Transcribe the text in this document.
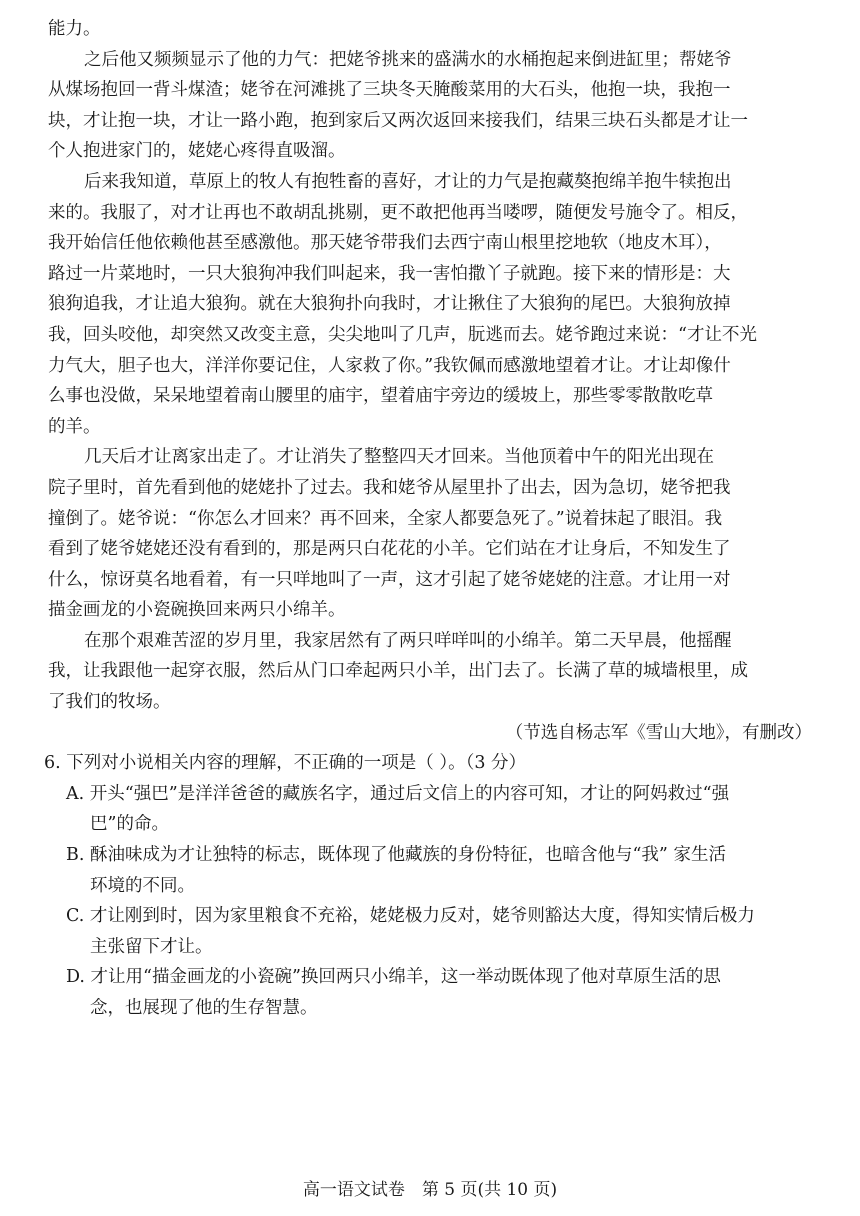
能力。
之后他又频频显示了他的力气：把姥爷挑来的盛满水的水桶抱起来倒进缸里；帮姥爷
从煤场抱回一背斗煤渣；姥爷在河滩挑了三块冬天腌酸菜用的大石头，他抱一块，我抱一
块，才让抱一块，才让一路小跑，抱到家后又两次返回来接我们，结果三块石头都是才让一
个人抱进家门的，姥姥心疼得直吸溜。
后来我知道，草原上的牧人有抱牲畜的喜好，才让的力气是抱藏獒抱绵羊抱牛犊抱出
来的。我服了，对才让再也不敢胡乱挑剔，更不敢把他再当喽啰，随便发号施令了。相反，
我开始信任他依赖他甚至感激他。那天姥爷带我们去西宁南山根里挖地软（地皮木耳），
路过一片菜地时，一只大狼狗冲我们叫起来，我一害怕撒丫子就跑。接下来的情形是：大
狼狗追我，才让追大狼狗。就在大狼狗扑向我时，才让揪住了大狼狗的尾巴。大狼狗放掉
我，回头咬他，却突然又改变主意，尖尖地叫了几声，朊逃而去。姥爷跑过来说：“才让不光
力气大，胆子也大，洋洋你要记住，人家救了你。”我钦佩而感激地望着才让。才让却像什
么事也没做，呆呆地望着南山腰里的庙宇，望着庙宇旁边的缓坡上，那些零零散散吃草
的羊。
几天后才让离家出走了。才让消失了整整四天才回来。当他顶着中午的阳光出现在
院子里时，首先看到他的姥姥扑了过去。我和姥爷从屋里扑了出去，因为急切，姥爷把我
撞倒了。姥爷说：“你怎么才回来？再不回来，全家人都要急死了。”说着抹起了眼泪。我
看到了姥爷姥姥还没有看到的，那是两只白花花的小羊。它们站在才让身后，不知发生了
什么，惊讶莫名地看着，有一只咩地叫了一声，这才引起了姥爷姥姥的注意。才让用一对
描金画龙的小瓷碗换回来两只小绵羊。
在那个艰难苦涩的岁月里，我家居然有了两只咩咩叫的小绵羊。第二天早晨，他摇醒
我，让我跟他一起穿衣服，然后从门口牵起两只小羊，出门去了。长满了草的城墙根里，成
了我们的牧场。
（节选自杨志军《雪山大地》，有删改）
6. 下列对小说相关内容的理解，不正确的一项是（ ）。（3 分）
A. 开头“强巴”是洋洋爸爸的藏族名字，通过后文信上的内容可知，才让的阿妈救过“强
巴”的命。
B. 酥油味成为才让独特的标志，既体现了他藏族的身份特征，也暗含他与“我” 家生活
环境的不同。
C. 才让刚到时，因为家里粮食不充裕，姥姥极力反对，姥爷则豁达大度，得知实情后极力
主张留下才让。
D. 才让用“描金画龙的小瓷碗”换回两只小绵羊，这一举动既体现了他对草原生活的思
念，也展现了他的生存智慧。
高一语文试卷　第 5 页(共 10 页)
